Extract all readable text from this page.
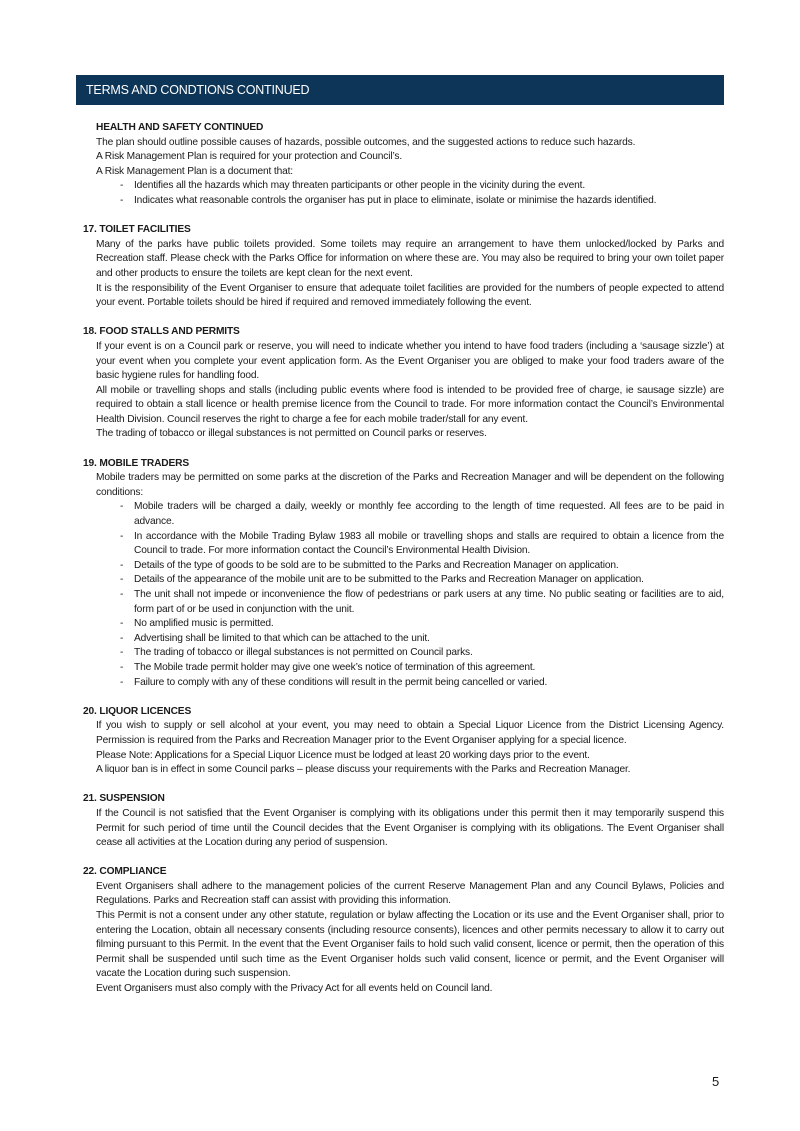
TERMS AND CONDTIONS CONTINUED
HEALTH AND SAFETY CONTINUED

The plan should outline possible causes of hazards, possible outcomes, and the suggested actions to reduce such hazards.

A Risk Management Plan is required for your protection and Council’s.

A Risk Management Plan is a document that:

- Identifies all the hazards which may threaten participants or other people in the vicinity during the event.
- Indicates what reasonable controls the organiser has put in place to eliminate, isolate or minimise the hazards identified.
17. TOILET FACILITIES

Many of the parks have public toilets provided. Some toilets may require an arrangement to have them unlocked/locked by Parks and Recreation staff. Please check with the Parks Office for information on where these are. You may also be required to bring your own toilet paper and other products to ensure the toilets are kept clean for the next event.

It is the responsibility of the Event Organiser to ensure that adequate toilet facilities are provided for the numbers of people expected to attend your event. Portable toilets should be hired if required and removed immediately following the event.

18. FOOD STALLS AND PERMITS

If your event is on a Council park or reserve, you will need to indicate whether you intend to have food traders (including a ‘sausage sizzle’) at your event when you complete your event application form. As the Event Organiser you are obliged to make your food traders aware of the basic hygiene rules for handling food.

All mobile or travelling shops and stalls (including public events where food is intended to be provided free of charge, ie sausage sizzle) are required to obtain a stall licence or health premise licence from the Council to trade. For more information contact the Council’s Environmental Health Division. Council reserves the right to charge a fee for each mobile trader/stall for any event.

The trading of tobacco or illegal substances is not permitted on Council parks or reserves.

19. MOBILE TRADERS

Mobile traders may be permitted on some parks at the discretion of the Parks and Recreation Manager and will be dependent on the following conditions:

- Mobile traders will be charged a daily, weekly or monthly fee according to the length of time requested. All fees are to be paid in advance.
- In accordance with the Mobile Trading Bylaw 1983 all mobile or travelling shops and stalls are required to obtain a licence from the Council to trade. For more information contact the Council’s Environmental Health Division.
- Details of the type of goods to be sold are to be submitted to the Parks and Recreation Manager on application.
- Details of the appearance of the mobile unit are to be submitted to the Parks and Recreation Manager on application.
- The unit shall not impede or inconvenience the flow of pedestrians or park users at any time. No public seating or facilities are to aid, form part of or be used in conjunction with the unit.
- No amplified music is permitted.
- Advertising shall be limited to that which can be attached to the unit.
- The trading of tobacco or illegal substances is not permitted on Council parks.
- The Mobile trade permit holder may give one week’s notice of termination of this agreement.
- Failure to comply with any of these conditions will result in the permit being cancelled or varied.
20. LIQUOR LICENCES

If you wish to supply or sell alcohol at your event, you may need to obtain a Special Liquor Licence from the District Licensing Agency. Permission is required from the Parks and Recreation Manager prior to the Event Organiser applying for a special licence.

Please Note: Applications for a Special Liquor Licence must be lodged at least 20 working days prior to the event.

A liquor ban is in effect in some Council parks – please discuss your requirements with the Parks and Recreation Manager.

21. SUSPENSION

If the Council is not satisfied that the Event Organiser is complying with its obligations under this permit then it may temporarily suspend this Permit for such period of time until the Council decides that the Event Organiser is complying with its obligations. The Event Organiser shall cease all activities at the Location during any period of suspension.

22. COMPLIANCE

Event Organisers shall adhere to the management policies of the current Reserve Management Plan and any Council Bylaws, Policies and Regulations. Parks and Recreation staff can assist with providing this information.

This Permit is not a consent under any other statute, regulation or bylaw affecting the Location or its use and the Event Organiser shall, prior to entering the Location, obtain all necessary consents (including resource consents), licences and other permits necessary to allow it to carry out filming pursuant to this Permit. In the event that the Event Organiser fails to hold such valid consent, licence or permit, then the operation of this Permit shall be suspended until such time as the Event Organiser holds such valid consent, licence or permit, and the Event Organiser will vacate the Location during such suspension.

Event Organisers must also comply with the Privacy Act for all events held on Council land.

5
